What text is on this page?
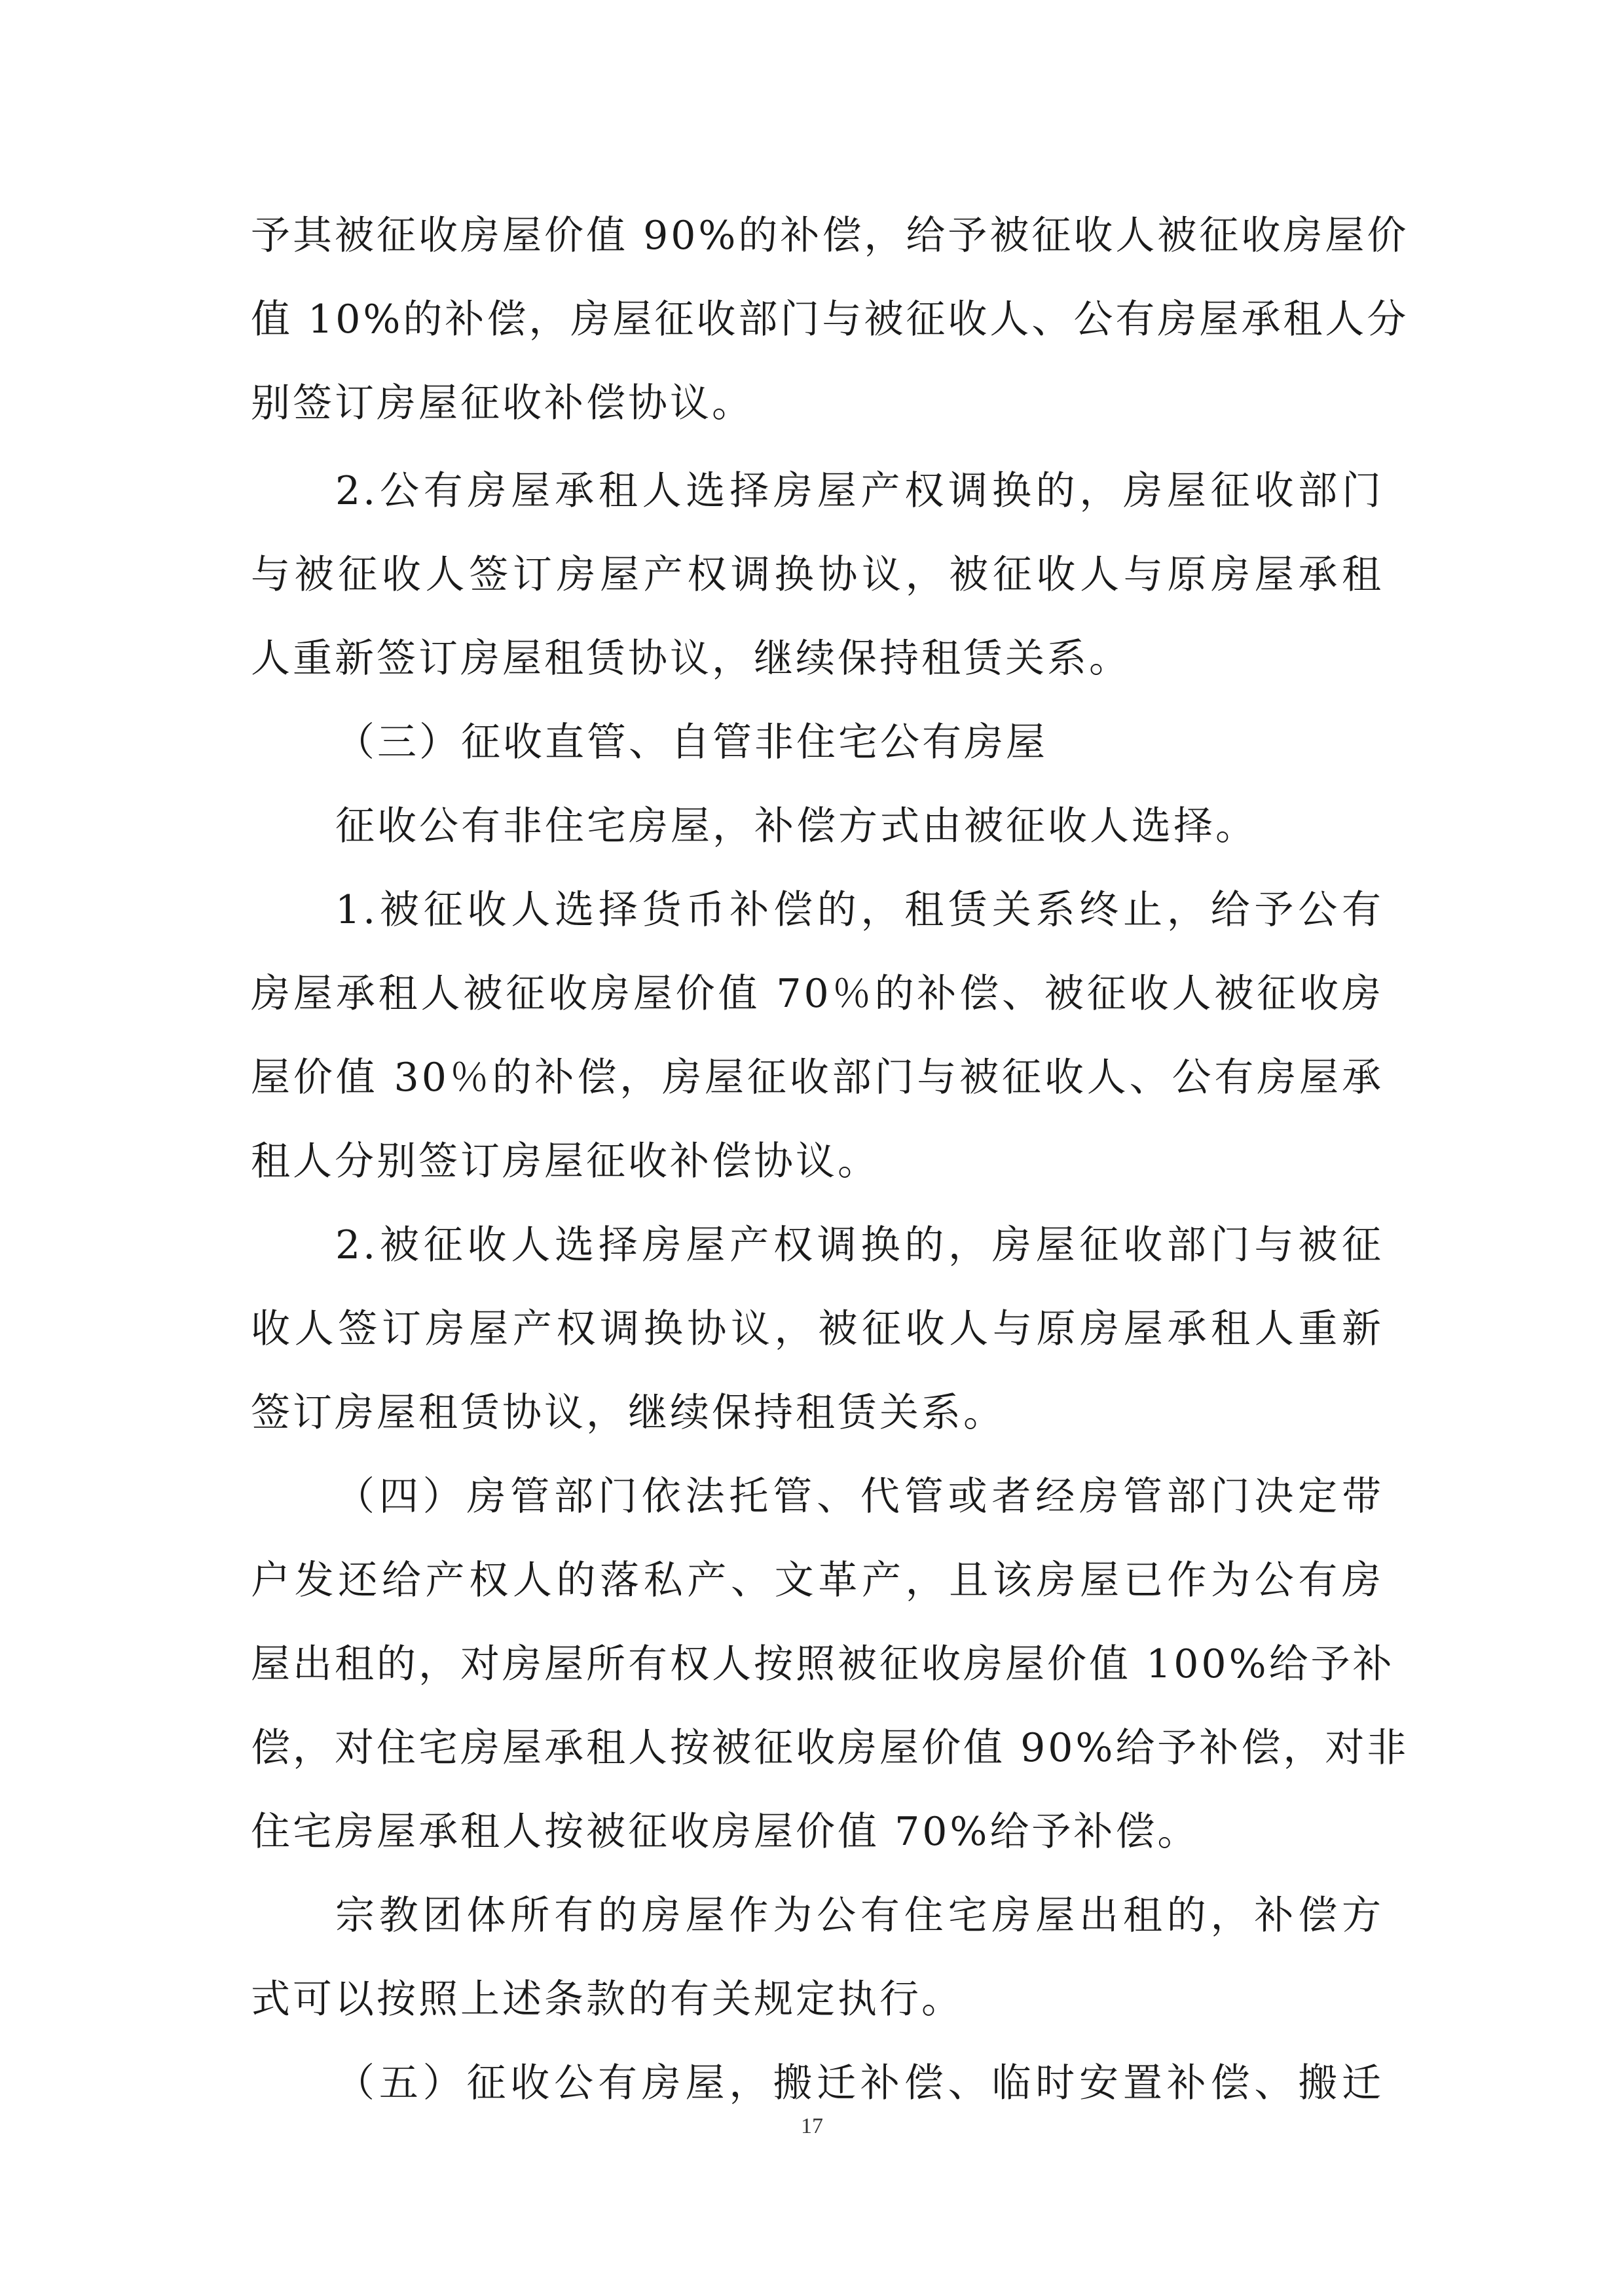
予其被征收房屋价值 90%的补偿，给予被征收人被征收房屋价
值 10%的补偿，房屋征收部门与被征收人、公有房屋承租人分
别签订房屋征收补偿协议。
2.公有房屋承租人选择房屋产权调换的，房屋征收部门
与被征收人签订房屋产权调换协议，被征收人与原房屋承租
人重新签订房屋租赁协议，继续保持租赁关系。
（三）征收直管、自管非住宅公有房屋
征收公有非住宅房屋，补偿方式由被征收人选择。
1.被征收人选择货币补偿的，租赁关系终止，给予公有
房屋承租人被征收房屋价值 70％的补偿、被征收人被征收房
屋价值 30％的补偿，房屋征收部门与被征收人、公有房屋承
租人分别签订房屋征收补偿协议。
2.被征收人选择房屋产权调换的，房屋征收部门与被征
收人签订房屋产权调换协议，被征收人与原房屋承租人重新
签订房屋租赁协议，继续保持租赁关系。
（四）房管部门依法托管、代管或者经房管部门决定带
户发还给产权人的落私产、文革产，且该房屋已作为公有房
屋出租的，对房屋所有权人按照被征收房屋价值 100%给予补
偿，对住宅房屋承租人按被征收房屋价值 90%给予补偿，对非
住宅房屋承租人按被征收房屋价值 70%给予补偿。
宗教团体所有的房屋作为公有住宅房屋出租的，补偿方
式可以按照上述条款的有关规定执行。
（五）征收公有房屋，搬迁补偿、临时安置补偿、搬迁
17
